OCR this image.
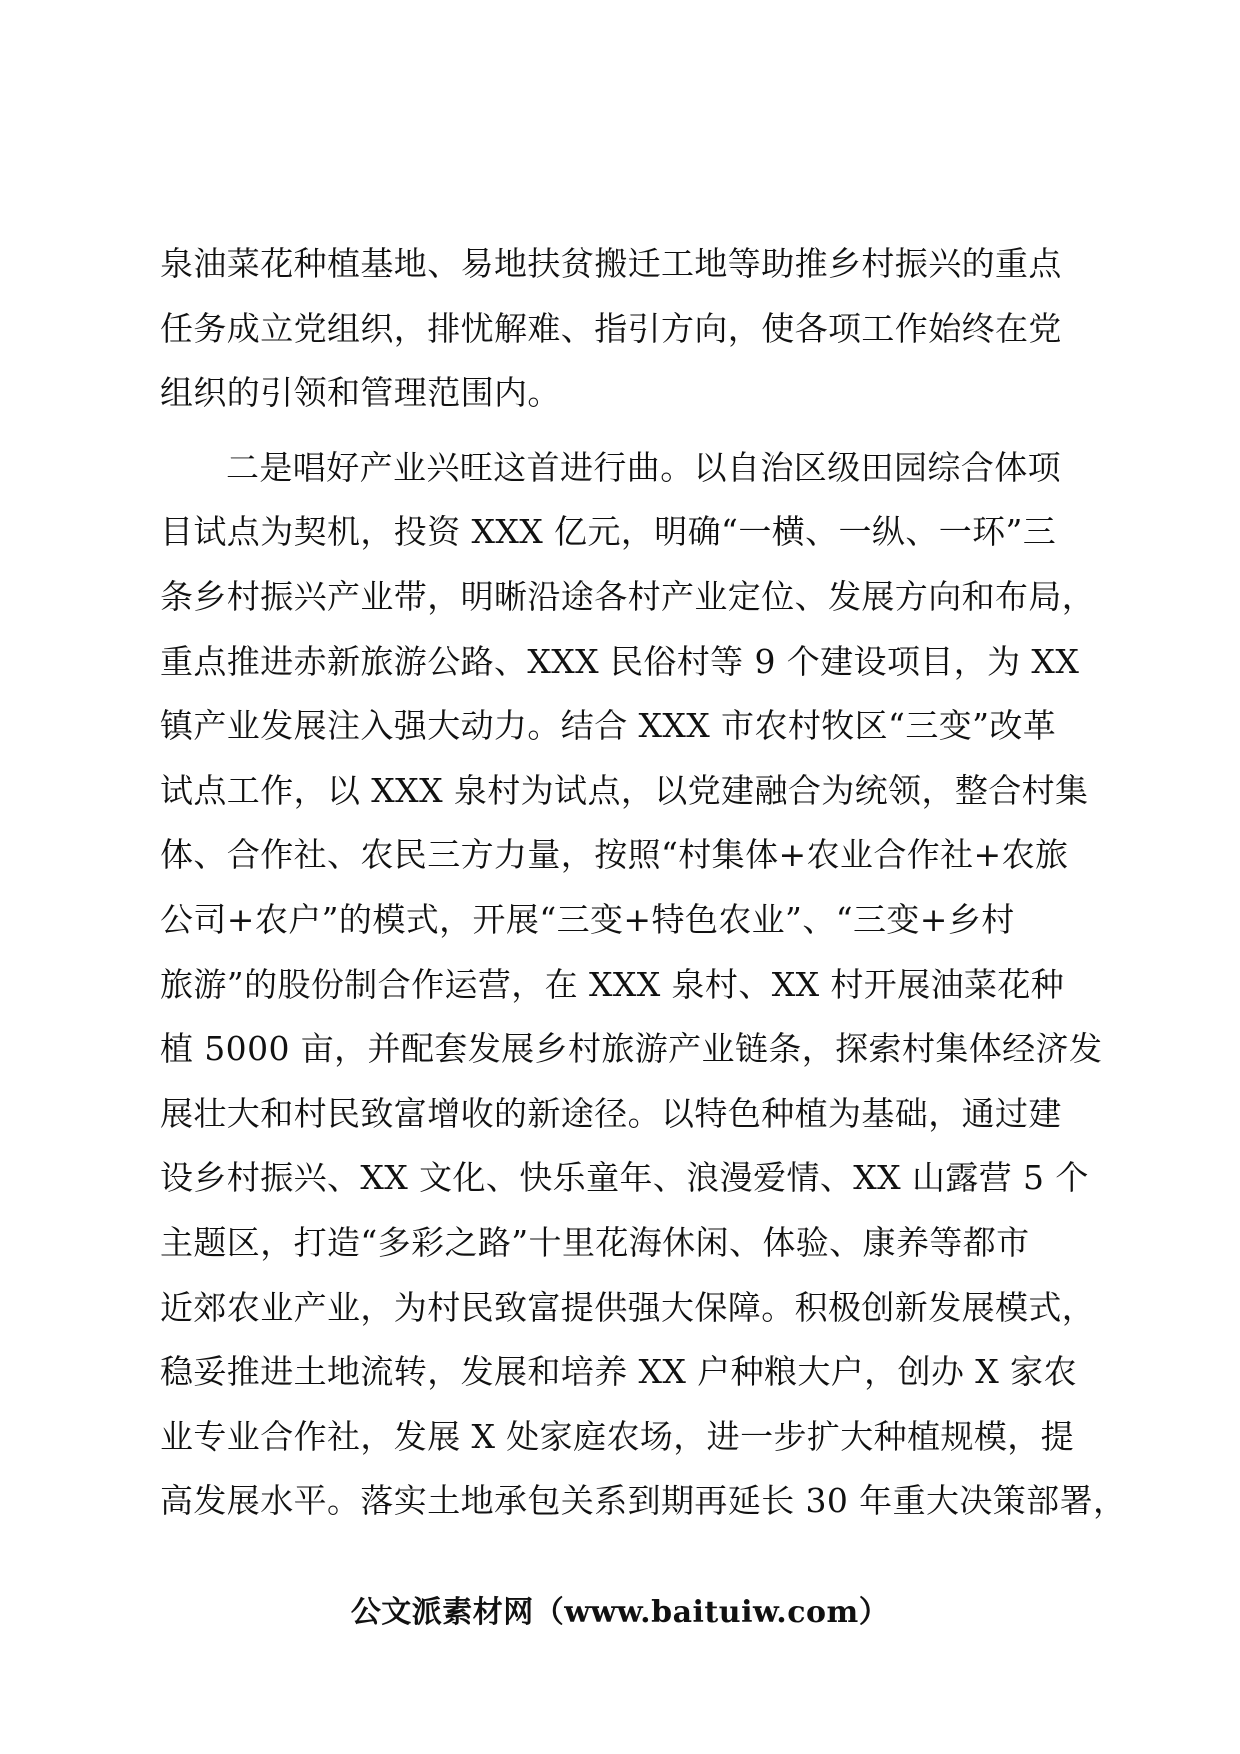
泉油菜花种植基地、易地扶贫搬迁工地等助推乡村振兴的重点
任务成立党组织，排忧解难、指引方向，使各项工作始终在党
组织的引领和管理范围内。
二是唱好产业兴旺这首进行曲。以自治区级田园综合体项
目试点为契机，投资 XXX 亿元，明确“一横、一纵、一环”三
条乡村振兴产业带，明晰沿途各村产业定位、发展方向和布局，
重点推进赤新旅游公路、XXX 民俗村等 9 个建设项目，为 XX
镇产业发展注入强大动力。结合 XXX 市农村牧区“三变”改革
试点工作，以 XXX 泉村为试点，以党建融合为统领，整合村集
体、合作社、农民三方力量，按照“村集体+农业合作社+农旅
公司+农户”的模式，开展“三变+特色农业”、“三变+乡村
旅游”的股份制合作运营，在 XXX 泉村、XX 村开展油菜花种
植 5000 亩，并配套发展乡村旅游产业链条，探索村集体经济发
展壮大和村民致富增收的新途径。以特色种植为基础，通过建
设乡村振兴、XX 文化、快乐童年、浪漫爱情、XX 山露营 5 个
主题区，打造“多彩之路”十里花海休闲、体验、康养等都市
近郊农业产业，为村民致富提供强大保障。积极创新发展模式，
稳妥推进土地流转，发展和培养 XX 户种粮大户，创办 X 家农
业专业合作社，发展 X 处家庭农场，进一步扩大种植规模，提
高发展水平。落实土地承包关系到期再延长 30 年重大决策部署，
公文派素材网（www.baituiw.com）
